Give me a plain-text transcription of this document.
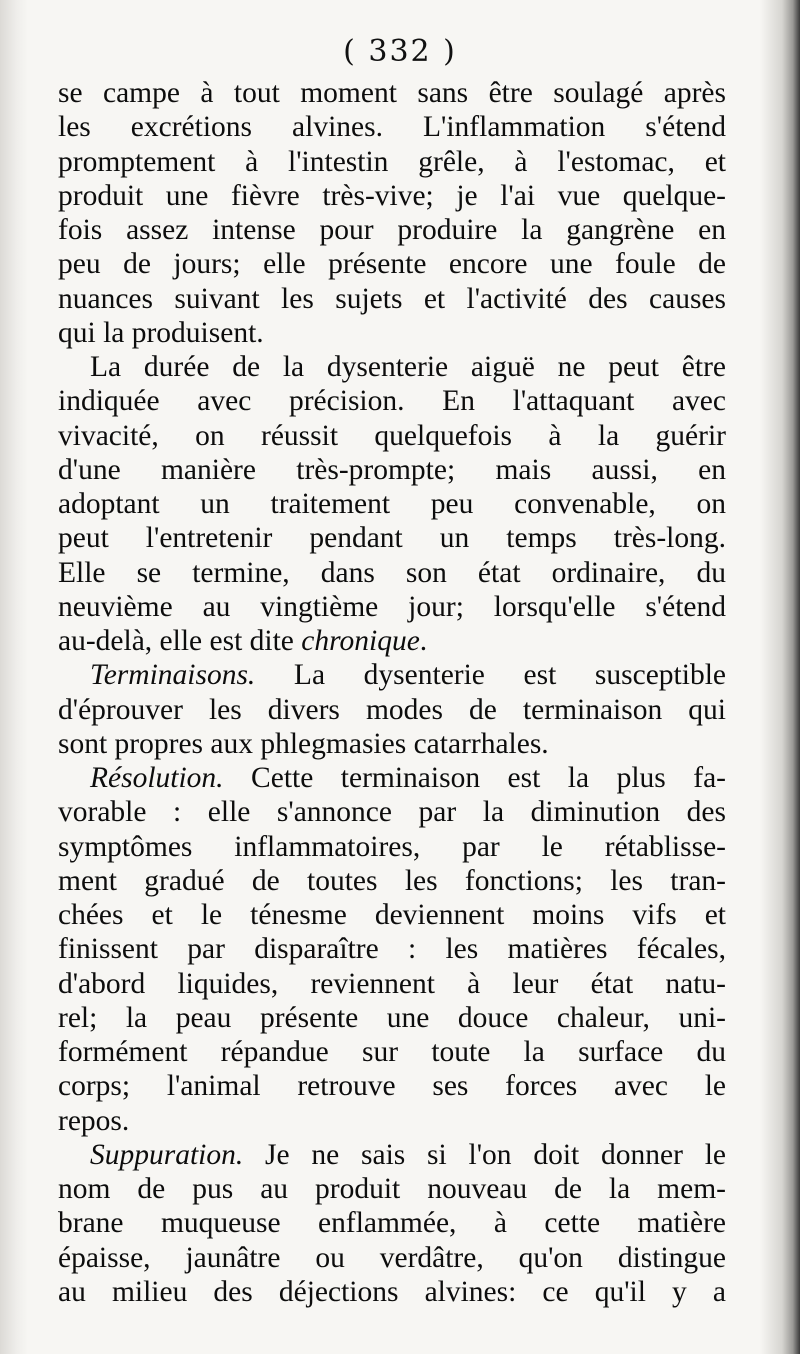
( 332 )
se campe à tout moment sans être soulagé après
les excrétions alvines. L'inflammation s'étend
promptement à l'intestin grêle, à l'estomac, et
produit une fièvre très-vive; je l'ai vue quelque-
fois assez intense pour produire la gangrène en
peu de jours; elle présente encore une foule de
nuances suivant les sujets et l'activité des causes
qui la produisent.
La durée de la dysenterie aiguë ne peut être
indiquée avec précision. En l'attaquant avec
vivacité, on réussit quelquefois à la guérir
d'une manière très-prompte; mais aussi, en
adoptant un traitement peu convenable, on
peut l'entretenir pendant un temps très-long.
Elle se termine, dans son état ordinaire, du
neuvième au vingtième jour; lorsqu'elle s'étend
au-delà, elle est dite chronique.
Terminaisons. La dysenterie est susceptible
d'éprouver les divers modes de terminaison qui
sont propres aux phlegmasies catarrhales.
Résolution. Cette terminaison est la plus fa-
vorable : elle s'annonce par la diminution des
symptômes inflammatoires, par le rétablisse-
ment gradué de toutes les fonctions; les tran-
chées et le ténesme deviennent moins vifs et
finissent par disparaître : les matières fécales,
d'abord liquides, reviennent à leur état natu-
rel; la peau présente une douce chaleur, uni-
formément répandue sur toute la surface du
corps; l'animal retrouve ses forces avec le
repos.
Suppuration. Je ne sais si l'on doit donner le
nom de pus au produit nouveau de la mem-
brane muqueuse enflammée, à cette matière
épaisse, jaunâtre ou verdâtre, qu'on distingue
au milieu des déjections alvines: ce qu'il y a
